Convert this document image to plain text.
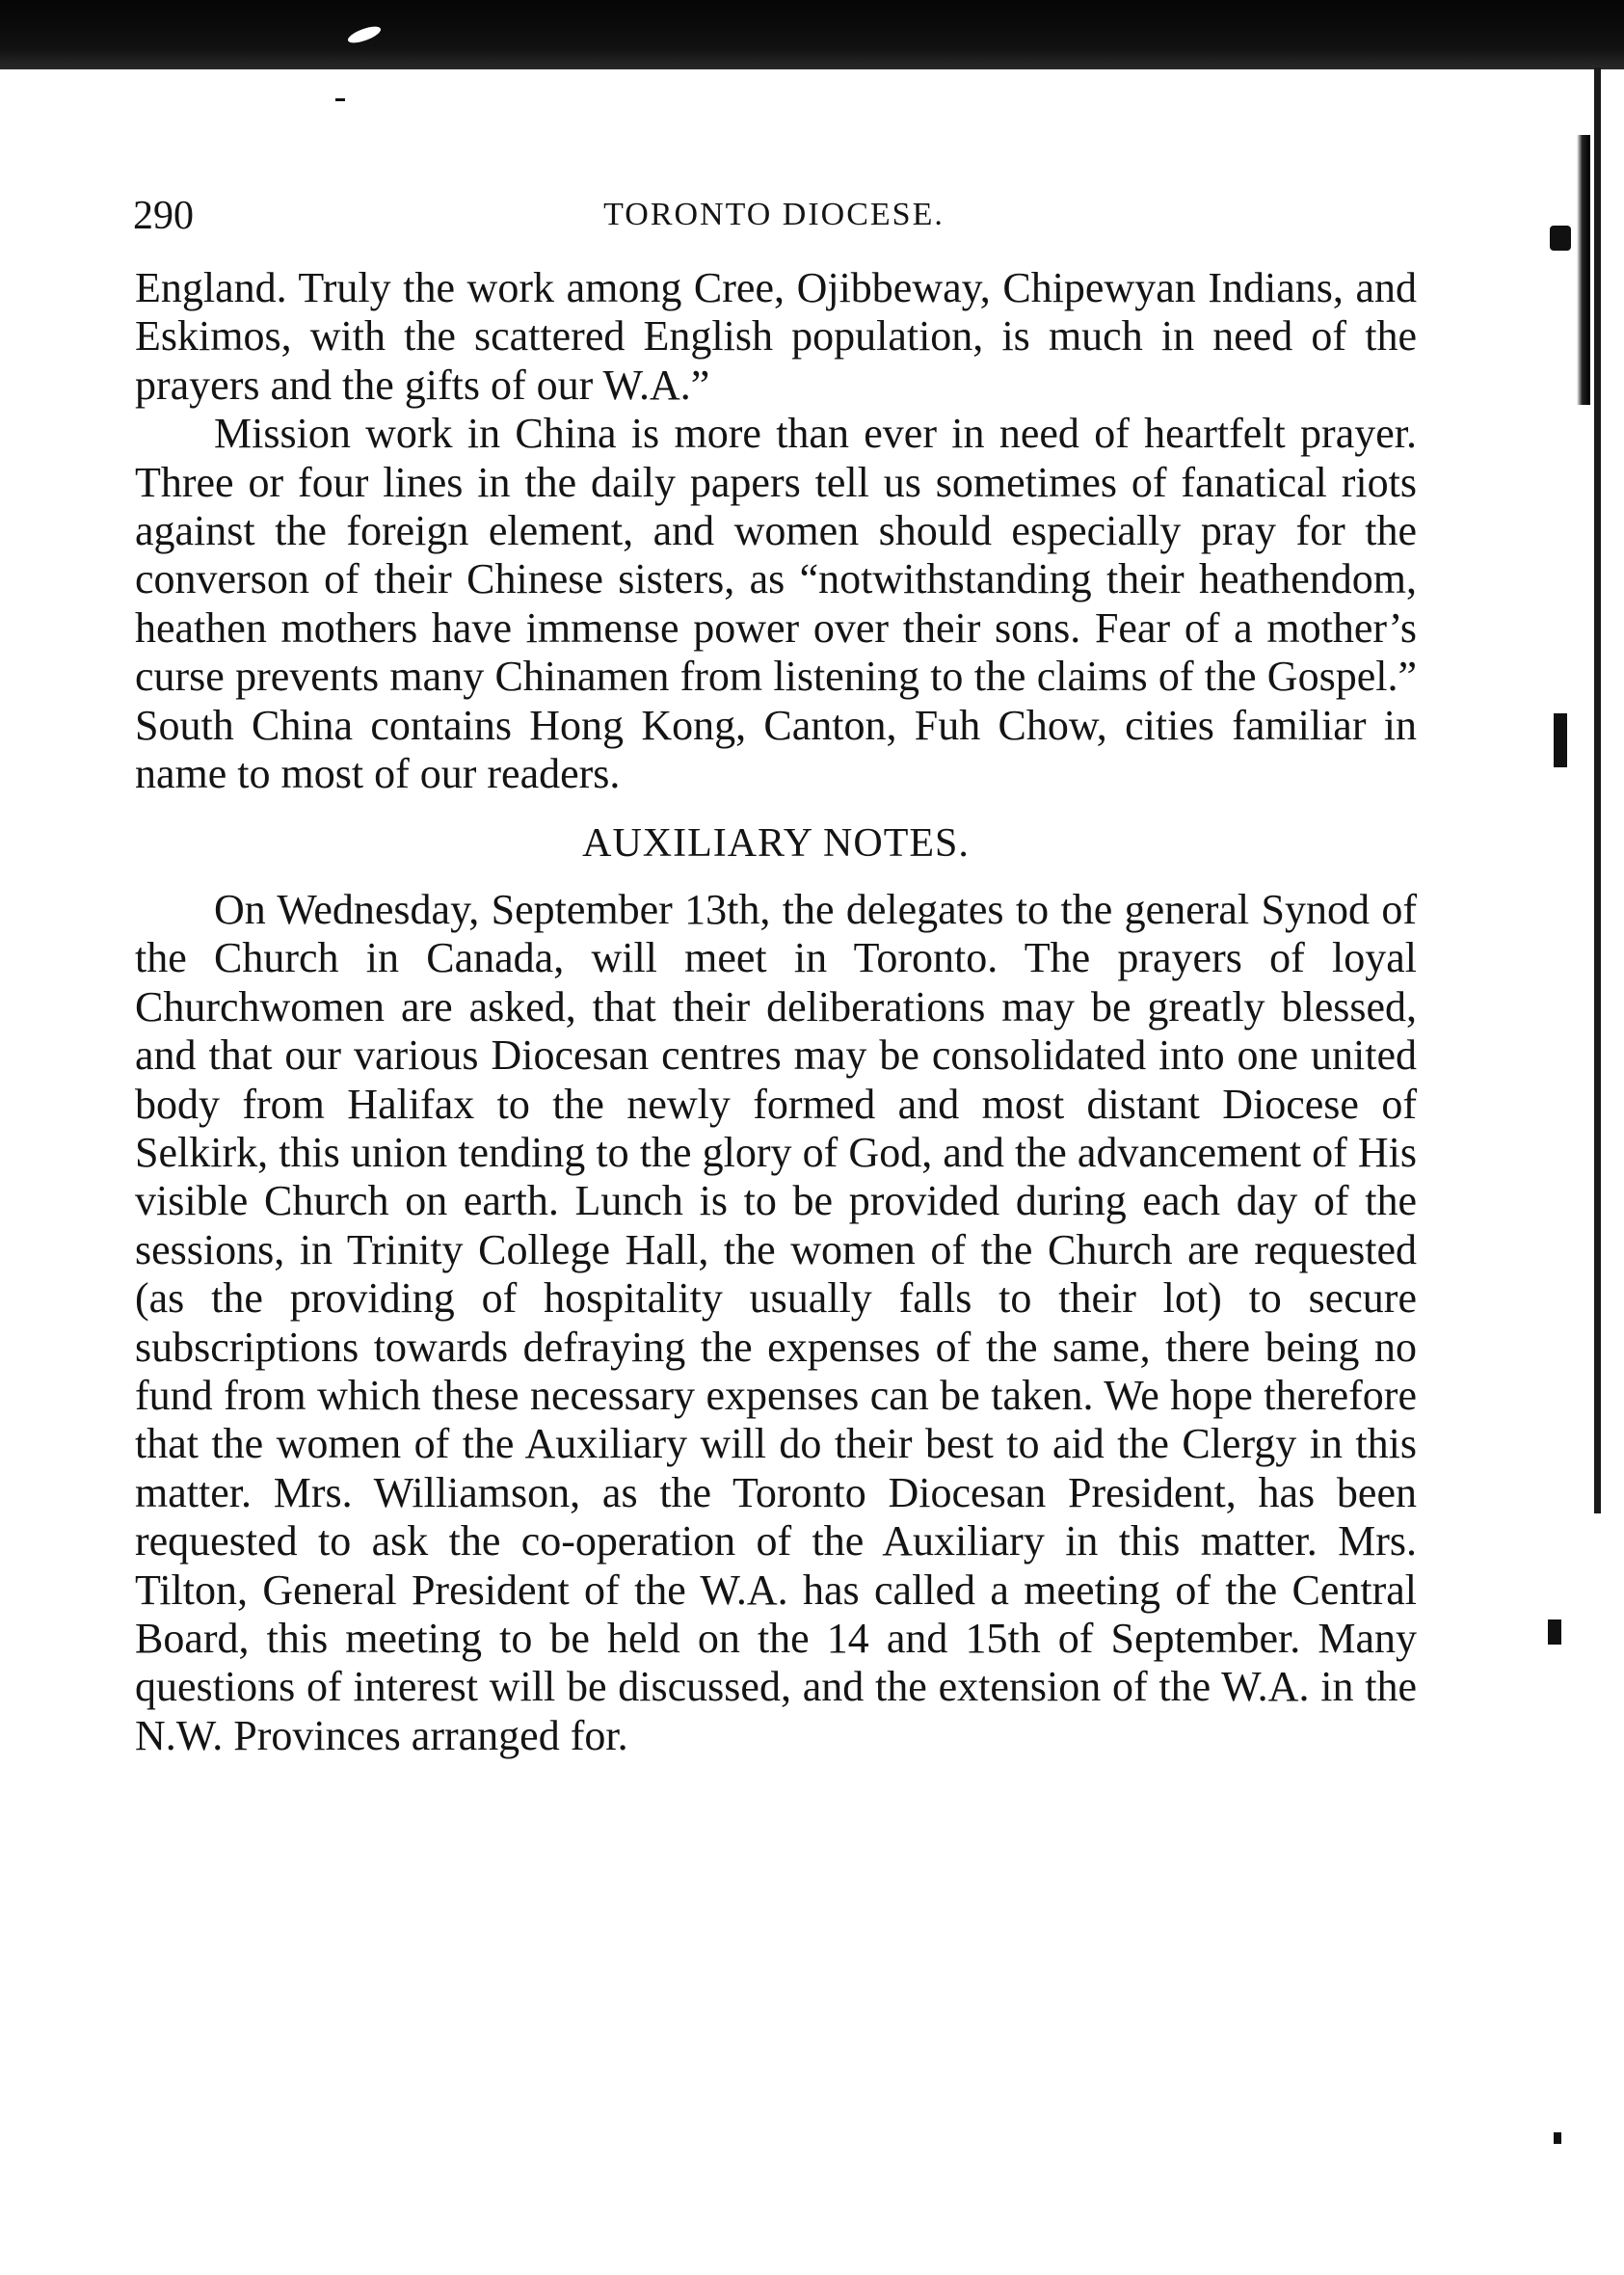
290	TORONTO DIOCESE.

England. Truly the work among Cree, Ojibbeway, Chipewyan Indians, and Eskimos, with the scattered English population, is much in need of the prayers and the gifts of our W.A.”

Mission work in China is more than ever in need of heartfelt prayer. Three or four lines in the daily papers tell us sometimes of fanatical riots against the foreign element, and women should especially pray for the converson of their Chinese sisters, as “notwithstanding their heathendom, heathen mothers have immense power over their sons. Fear of a mother’s curse prevents many Chinamen from listening to the claims of the Gospel.” South China contains Hong Kong, Canton, Fuh Chow, cities familiar in name to most of our readers.

AUXILIARY NOTES.

On Wednesday, September 13th, the delegates to the general Synod of the Church in Canada, will meet in Toronto. The prayers of loyal Churchwomen are asked, that their deliberations may be greatly blessed, and that our various Diocesan centres may be consolidated into one united body from Halifax to the newly formed and most distant Diocese of Selkirk, this union tending to the glory of God, and the advancement of His visible Church on earth. Lunch is to be provided during each day of the sessions, in Trinity College Hall, the women of the Church are requested (as the providing of hospitality usually falls to their lot) to secure subscriptions towards defraying the expenses of the same, there being no fund from which these necessary expenses can be taken. We hope therefore that the women of the Auxiliary will do their best to aid the Clergy in this matter. Mrs. Williamson, as the Toronto Diocesan President, has been requested to ask the co-operation of the Auxiliary in this matter. Mrs. Tilton, General President of the W.A. has called a meeting of the Central Board, this meeting to be held on the 14 and 15th of September. Many questions of interest will be discussed, and the extension of the W.A. in the N.W. Provinces arranged for.
